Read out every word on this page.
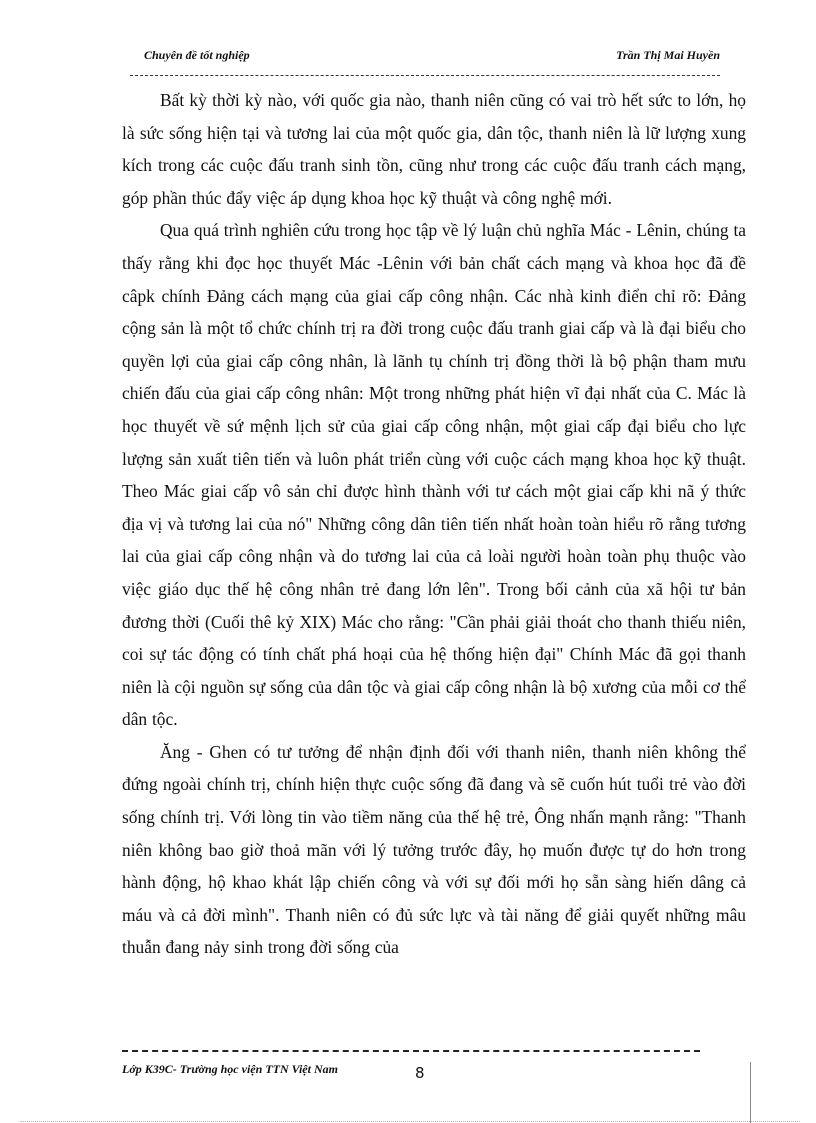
Chuyên đề tốt nghiệp	Trần Thị Mai Huyền

Bất kỳ thời kỳ nào, với quốc gia nào, thanh niên cũng có vai trò hết sức to lớn, họ là sức sống hiện tại và tương lai của một quốc gia, dân tộc, thanh niên là lữ lượng xung kích trong các cuộc đấu tranh sinh tồn, cũng như trong các cuộc đấu tranh cách mạng, góp phần thúc đẩy việc áp dụng khoa học kỹ thuật và công nghệ mới.

Qua quá trình nghiên cứu trong học tập về lý luận chủ nghĩa Mác - Lênin, chúng ta thấy rằng khi đọc học thuyết Mác -Lênin với bản chất cách mạng và khoa học đã đề câpk chính Đảng cách mạng của giai cấp công nhận. Các nhà kinh điển chỉ rõ: Đảng cộng sản là một tổ chức chính trị ra đời trong cuộc đấu tranh giai cấp và là đại biểu cho quyền lợi của giai cấp công nhân, là lãnh tụ chính trị đồng thời là bộ phận tham mưu chiến đấu của giai cấp công nhân: Một trong những phát hiện vĩ đại nhất của C. Mác là học thuyết về sứ mệnh lịch sử của giai cấp công nhận, một giai cấp đại biểu cho lực lượng sản xuất tiên tiến và luôn phát triển cùng với cuộc cách mạng khoa học kỹ thuật. Theo Mác giai cấp vô sản chỉ được hình thành với tư cách một giai cấp khi nã ý thức địa vị và tương lai của nó" Những công dân tiên tiến nhất hoàn toàn hiểu rõ rằng tương lai của giai cấp công nhận và do tương lai của cả loài người hoàn toàn phụ thuộc vào việc giáo dục thế hệ công nhân trẻ đang lớn lên". Trong bối cảnh của xã hội tư bản đương thời (Cuối thê kỷ XIX) Mác cho rằng: "Cần phải giải thoát cho thanh thiếu niên, coi sự tác động có tính chất phá hoại của hệ thống hiện đại" Chính Mác đã gọi thanh niên là cội nguồn sự sống của dân tộc và giai cấp công nhận là bộ xương của mỗi cơ thể dân tộc.

Ăng - Ghen có tư tưởng để nhận định đối với thanh niên, thanh niên không thể đứng ngoài chính trị, chính hiện thực cuộc sống đã đang và sẽ cuốn hút tuổi trẻ vào đời sống chính trị. Với lòng tin vào tiềm năng của thế hệ trẻ, Ông nhấn mạnh rằng: "Thanh niên không bao giờ thoả mãn với lý tưởng trước đây, họ muốn được tự do hơn trong hành động, hộ khao khát lập chiến công và với sự đối mới họ sẵn sàng hiến dâng cả máu và cả đời mình". Thanh niên có đủ sức lực và tài năng để giải quyết những mâu thuẫn đang nảy sinh trong đời sống của

Lớp K39C- Trường học viện TTN Việt Nam	8
